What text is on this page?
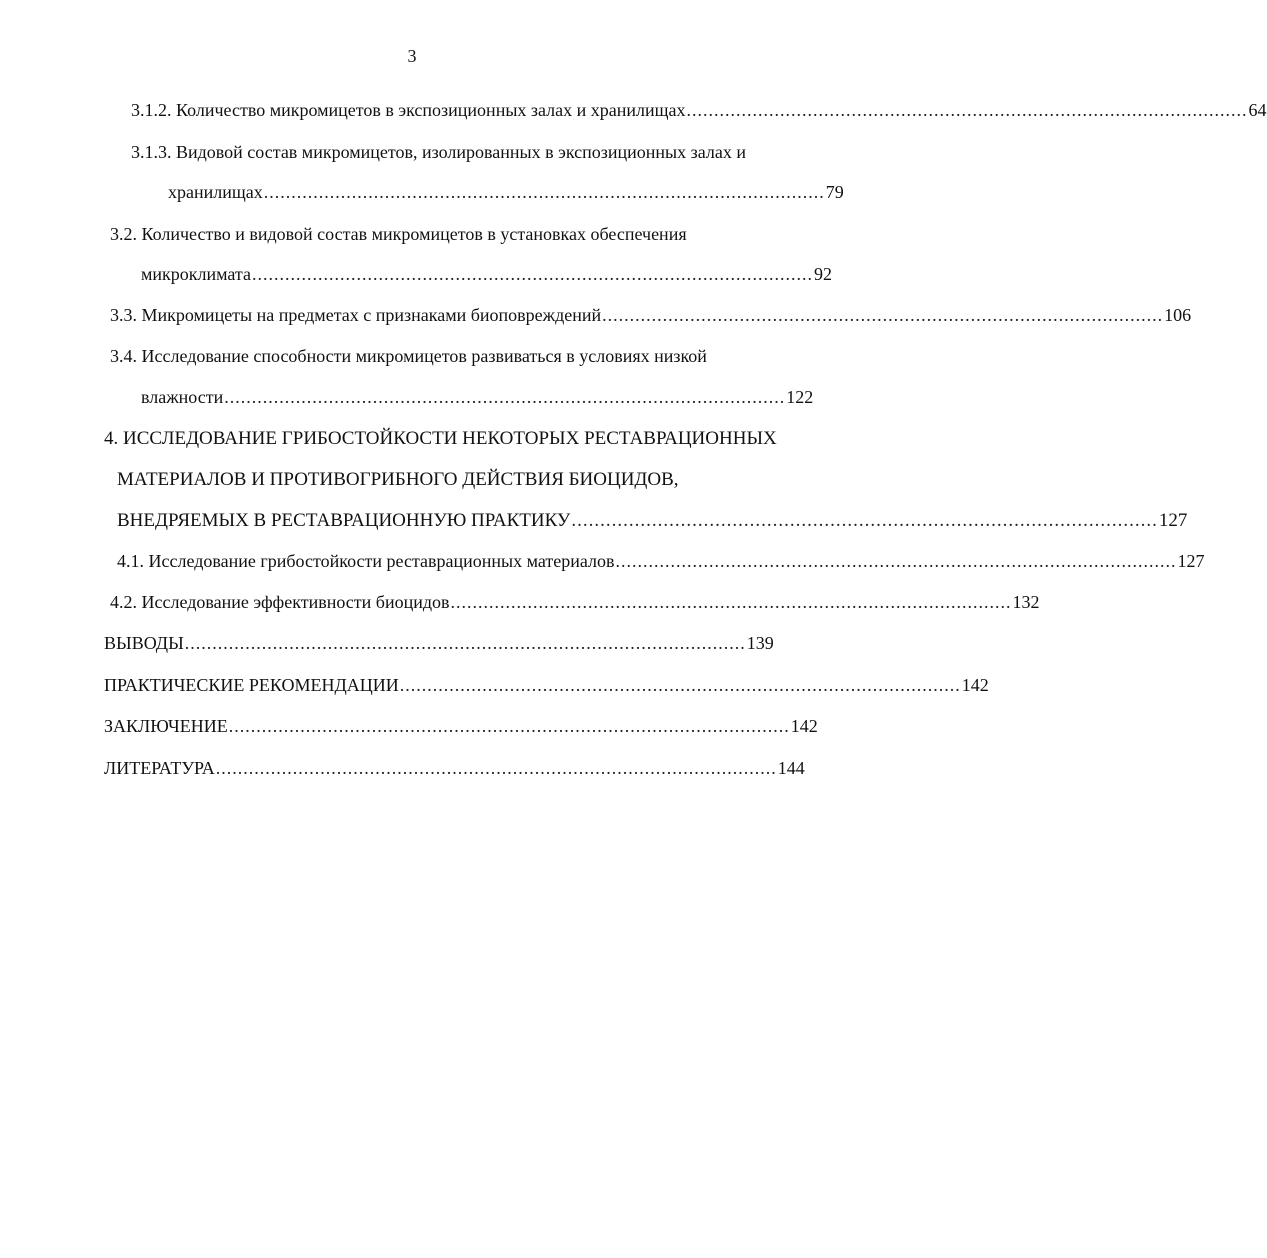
3
3.1.2. Количество микромицетов в экспозиционных залах и хранилищах ...................................................................................................... 64
3.1.3. Видовой состав микромицетов, изолированных в экспозиционных залах и
хранилищах ...................................................................................................... 79
3.2. Количество и видовой состав микромицетов в установках обеспечения
микроклимата ...................................................................................................... 92
3.3. Микромицеты на предметах с признаками биоповреждений ...................................................................................................... 106
3.4. Исследование способности микромицетов развиваться в условиях низкой
влажности ...................................................................................................... 122
4. ИССЛЕДОВАНИЕ ГРИБОСТОЙКОСТИ НЕКОТОРЫХ РЕСТАВРАЦИОННЫХ
МАТЕРИАЛОВ И ПРОТИВОГРИБНОГО ДЕЙСТВИЯ БИОЦИДОВ,
ВНЕДРЯЕМЫХ В РЕСТАВРАЦИОННУЮ ПРАКТИКУ ...................................................................................................... 127
4.1. Исследование грибостойкости реставрационных материалов ...................................................................................................... 127
4.2. Исследование эффективности биоцидов ...................................................................................................... 132
ВЫВОДЫ ...................................................................................................... 139
ПРАКТИЧЕСКИЕ РЕКОМЕНДАЦИИ ...................................................................................................... 142
ЗАКЛЮЧЕНИЕ ...................................................................................................... 142
ЛИТЕРАТУРА ...................................................................................................... 144
